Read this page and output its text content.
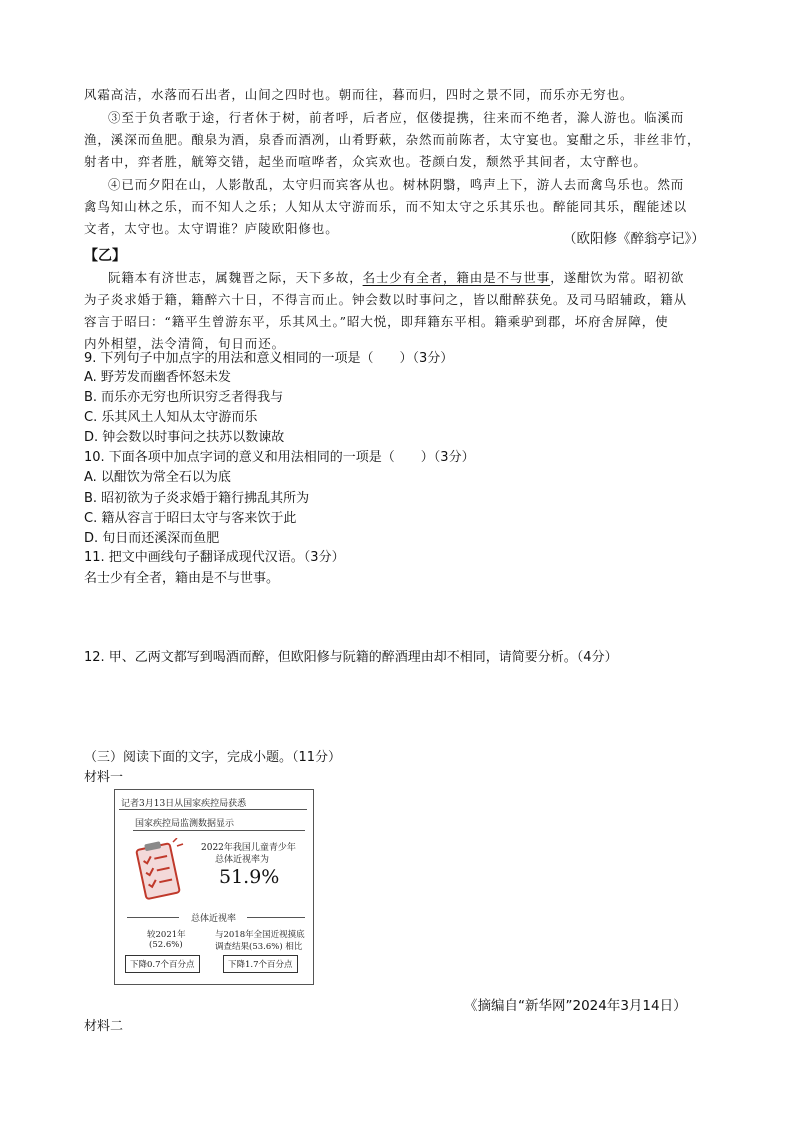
风霜高洁，水落而石出者，山间之四时也。朝而往，暮而归，四时之景不同，而乐亦无穷也。
③至于负者歌于途，行者休于树，前者呼，后者应，伛偻提携，往来而不绝者，滁人游也。临溪而
渔，溪深而鱼肥。酿泉为酒，泉香而酒冽，山肴野蔌，杂然而前陈者，太守宴也。宴酣之乐，非丝非竹，
射者中，弈者胜，觥筹交错，起坐而喧哗者，众宾欢也。苍颜白发，颓然乎其间者，太守醉也。
④已而夕阳在山，人影散乱，太守归而宾客从也。树林阴翳，鸣声上下，游人去而禽鸟乐也。然而
禽鸟知山林之乐，而不知人之乐；人知从太守游而乐，而不知太守之乐其乐也。醉能同其乐，醒能述以
文者，太守也。太守谓谁？庐陵欧阳修也。
（欧阳修《醉翁亭记》）
【乙】
阮籍本有济世志，属魏晋之际，天下多故，名士少有全者，籍由是不与世事，遂酣饮为常。昭初欲
为子炎求婚于籍，籍醉六十日，不得言而止。钟会数以时事问之，皆以酣醉获免。及司马昭辅政，籍从
容言于昭曰：“籍平生曾游东平，乐其风土。”昭大悦，即拜籍东平相。籍乘驴到郡，坏府舍屏障，使
内外相望，法令清简，旬日而还。
9. 下列句子中加点字的用法和意义相同的一项是（　　）（3分）
A. 野芳发而幽香怀怒未发
B. 而乐亦无穷也所识穷乏者得我与
C. 乐其风土人知从太守游而乐
D. 钟会数以时事问之扶苏以数谏故
10. 下面各项中加点字词的意义和用法相同的一项是（　　）（3分）
A. 以酣饮为常全石以为底
B. 昭初欲为子炎求婚于籍行拂乱其所为
C. 籍从容言于昭曰太守与客来饮于此
D. 旬日而还溪深而鱼肥
11. 把文中画线句子翻译成现代汉语。（3分）
名士少有全者，籍由是不与世事。
12. 甲、乙两文都写到喝酒而醉，但欧阳修与阮籍的醉酒理由却不相同，请简要分析。（4分）
（三）阅读下面的文字，完成小题。（11分）
材料一
记者3月13日从国家疾控局获悉
国家疾控局监测数据显示
2022年我国儿童青少年
总体近视率为
51.9%
总体近视率
较2021年
(52.6%)
与2018年全国近视摸底
调查结果(53.6%) 相比
下降0.7个百分点	下降1.7个百分点
《摘编自“新华网”2024年3月14日）
材料二
